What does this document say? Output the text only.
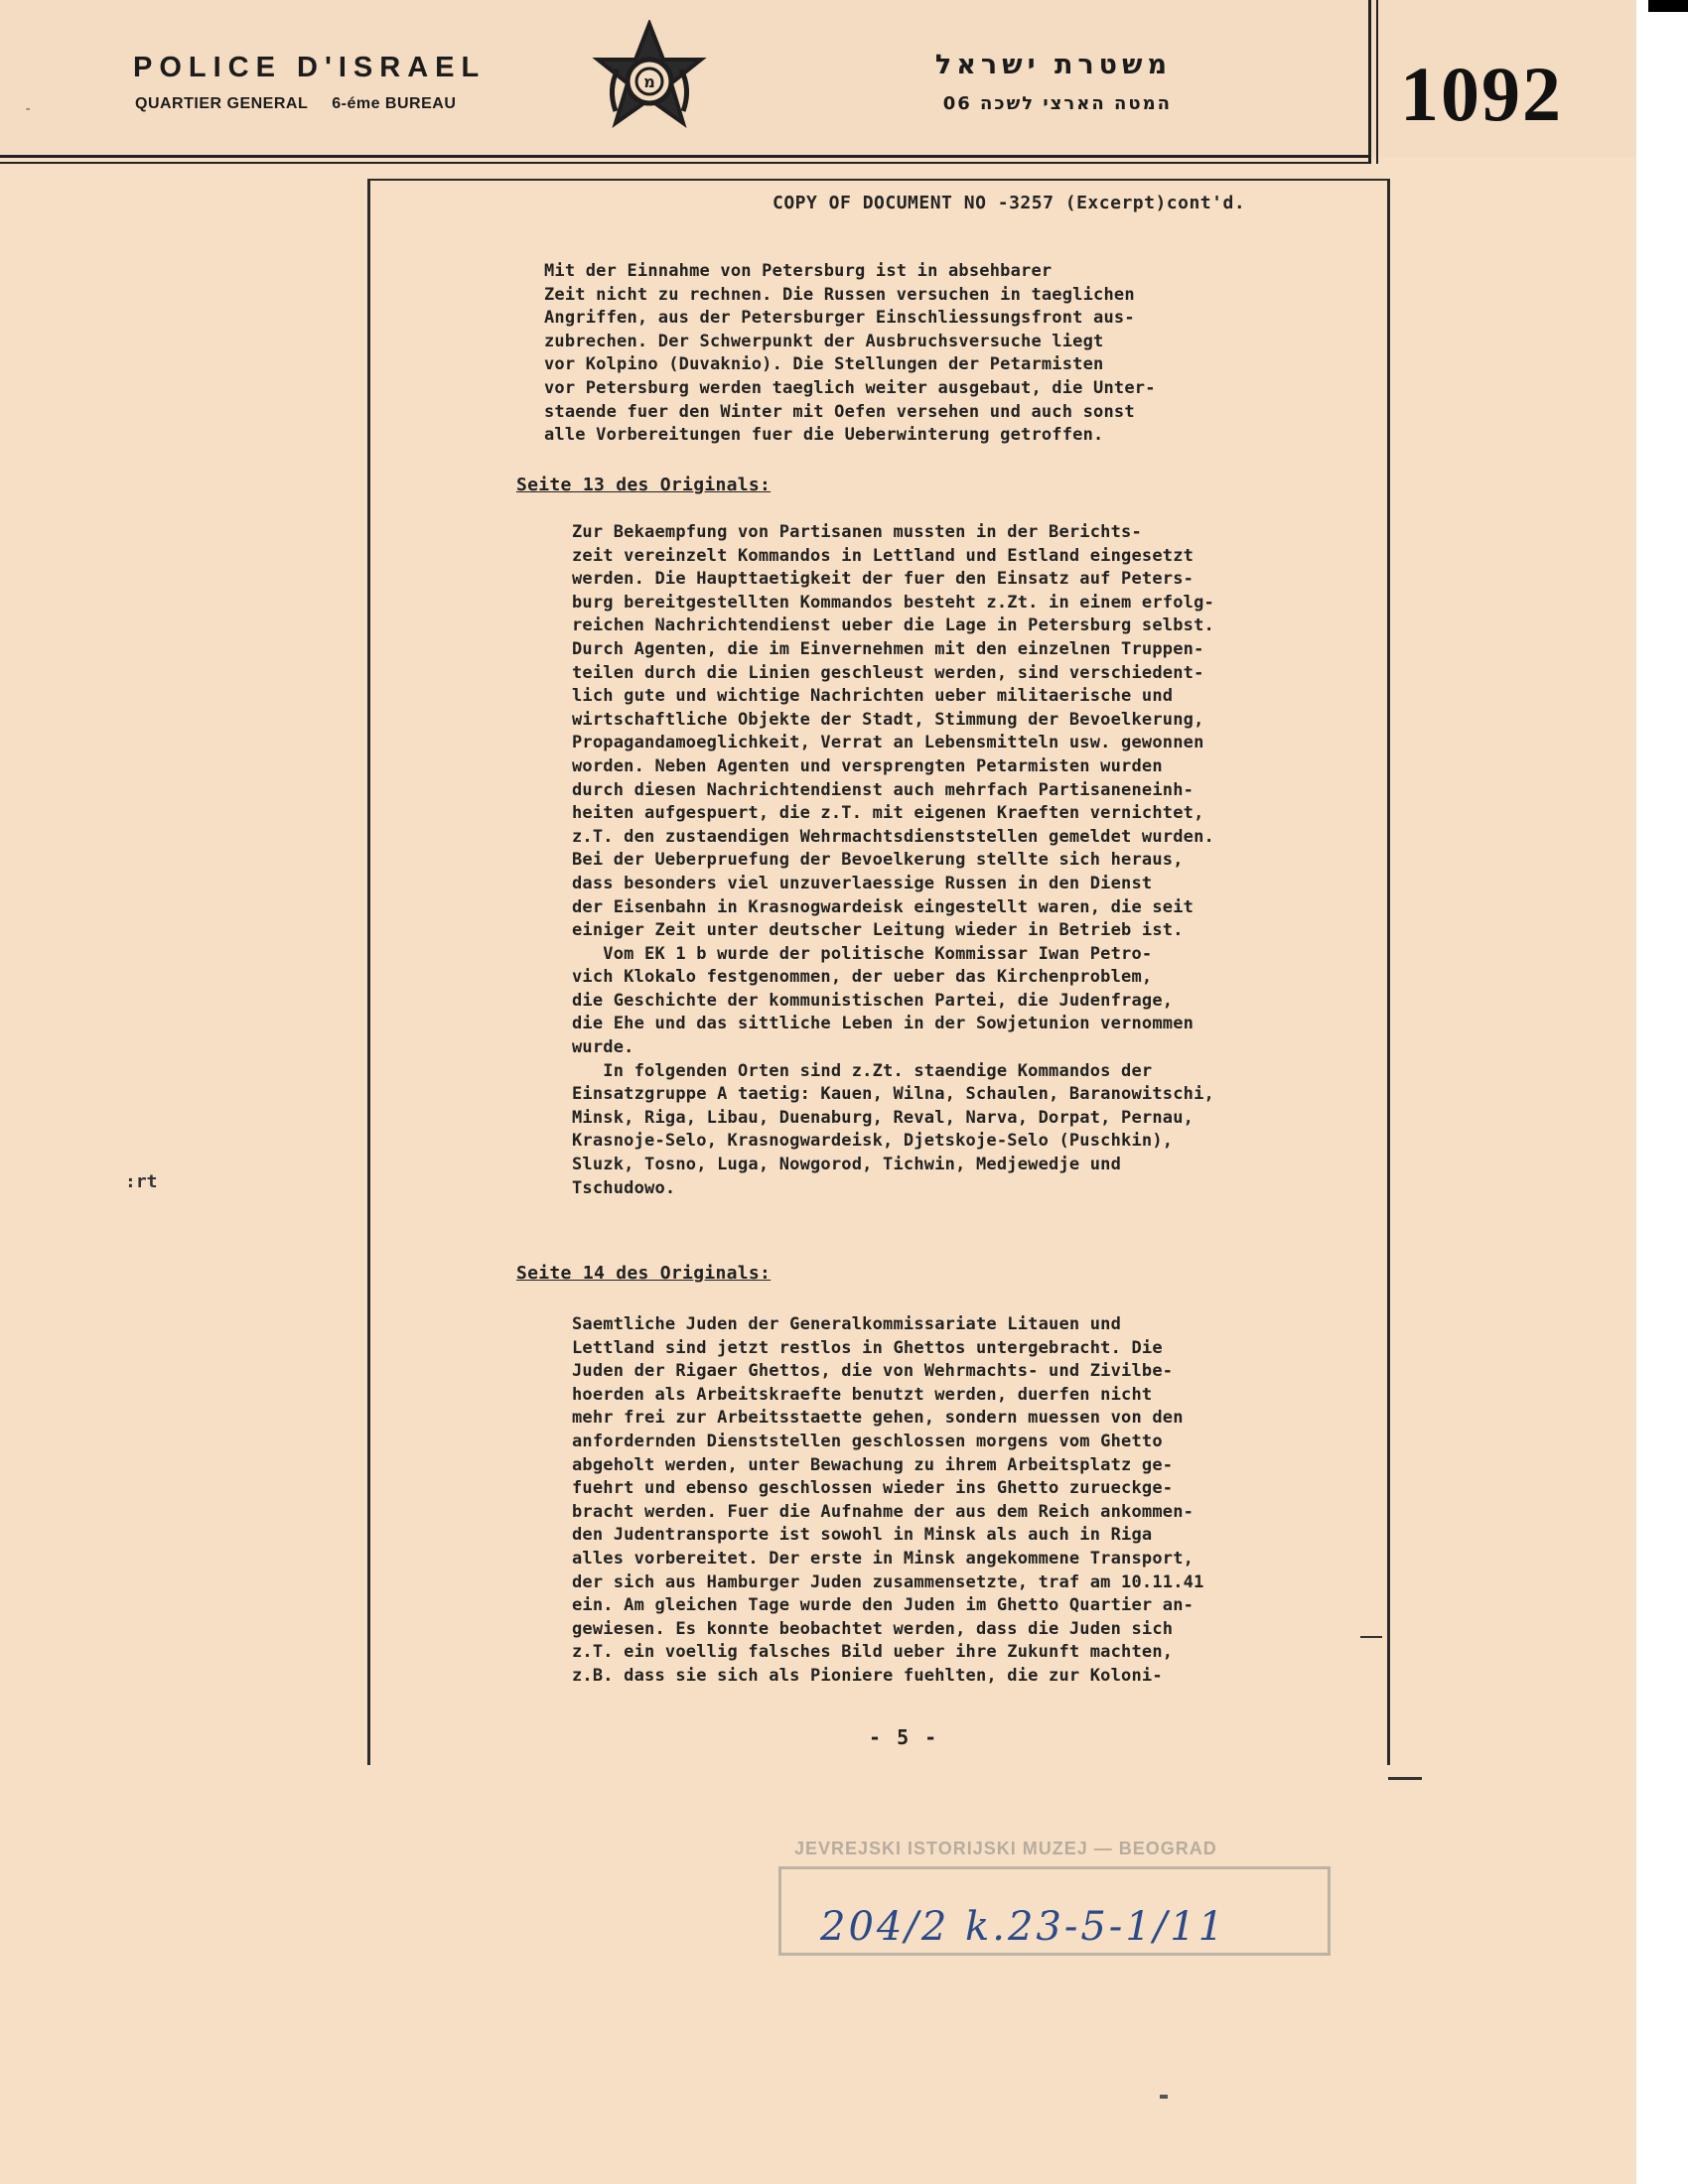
POLICE D'ISRAEL
QUARTIER GENERAL 6-éme BUREAU
מ
משטרת ישראל
המטה הארצי לשכה 06	1092
-
COPY OF DOCUMENT NO -3257 (Excerpt)cont'd.
Mit der Einnahme von Petersburg ist in absehbarer
Zeit nicht zu rechnen. Die Russen versuchen in taeglichen
Angriffen, aus der Petersburger Einschliessungsfront aus-
zubrechen. Der Schwerpunkt der Ausbruchsversuche liegt
vor Kolpino (Duvaknio). Die Stellungen der Petarmisten
vor Petersburg werden taeglich weiter ausgebaut, die Unter-
staende fuer den Winter mit Oefen versehen und auch sonst
alle Vorbereitungen fuer die Ueberwinterung getroffen.
Seite 13 des Originals:
Zur Bekaempfung von Partisanen mussten in der Berichts-
zeit vereinzelt Kommandos in Lettland und Estland eingesetzt
werden. Die Haupttaetigkeit der fuer den Einsatz auf Peters-
burg bereitgestellten Kommandos besteht z.Zt. in einem erfolg-
reichen Nachrichtendienst ueber die Lage in Petersburg selbst.
Durch Agenten, die im Einvernehmen mit den einzelnen Truppen-
teilen durch die Linien geschleust werden, sind verschiedent-
lich gute und wichtige Nachrichten ueber militaerische und
wirtschaftliche Objekte der Stadt, Stimmung der Bevoelkerung,
Propagandamoeglichkeit, Verrat an Lebensmitteln usw. gewonnen
worden. Neben Agenten und versprengten Petarmisten wurden
durch diesen Nachrichtendienst auch mehrfach Partisaneneinh-
heiten aufgespuert, die z.T. mit eigenen Kraeften vernichtet,
z.T. den zustaendigen Wehrmachtsdienststellen gemeldet wurden.
Bei der Ueberpruefung der Bevoelkerung stellte sich heraus,
dass besonders viel unzuverlaessige Russen in den Dienst
der Eisenbahn in Krasnogwardeisk eingestellt waren, die seit
einiger Zeit unter deutscher Leitung wieder in Betrieb ist.
Vom EK 1 b wurde der politische Kommissar Iwan Petro-
vich Klokalo festgenommen, der ueber das Kirchenproblem,
die Geschichte der kommunistischen Partei, die Judenfrage,
die Ehe und das sittliche Leben in der Sowjetunion vernommen
wurde.
In folgenden Orten sind z.Zt. staendige Kommandos der
Einsatzgruppe A taetig: Kauen, Wilna, Schaulen, Baranowitschi,
Minsk, Riga, Libau, Duenaburg, Reval, Narva, Dorpat, Pernau,
Krasnoje-Selo, Krasnogwardeisk, Djetskoje-Selo (Puschkin),
Sluzk, Tosno, Luga, Nowgorod, Tichwin, Medjewedje und
Tschudowo.
Seite 14 des Originals:
Saemtliche Juden der Generalkommissariate Litauen und
Lettland sind jetzt restlos in Ghettos untergebracht. Die
Juden der Rigaer Ghettos, die von Wehrmachts- und Zivilbe-
hoerden als Arbeitskraefte benutzt werden, duerfen nicht
mehr frei zur Arbeitsstaette gehen, sondern muessen von den
anfordernden Dienststellen geschlossen morgens vom Ghetto
abgeholt werden, unter Bewachung zu ihrem Arbeitsplatz ge-
fuehrt und ebenso geschlossen wieder ins Ghetto zurueckge-
bracht werden. Fuer die Aufnahme der aus dem Reich ankommen-
den Judentransporte ist sowohl in Minsk als auch in Riga
alles vorbereitet. Der erste in Minsk angekommene Transport,
der sich aus Hamburger Juden zusammensetzte, traf am 10.11.41
ein. Am gleichen Tage wurde den Juden im Ghetto Quartier an-
gewiesen. Es konnte beobachtet werden, dass die Juden sich
z.T. ein voellig falsches Bild ueber ihre Zukunft machten,
z.B. dass sie sich als Pioniere fuehlten, die zur Koloni-
:rt
- 5 -
JEVREJSKI ISTORIJSKI MUZEJ — BEOGRAD
204/2 k.23-5-1/11
